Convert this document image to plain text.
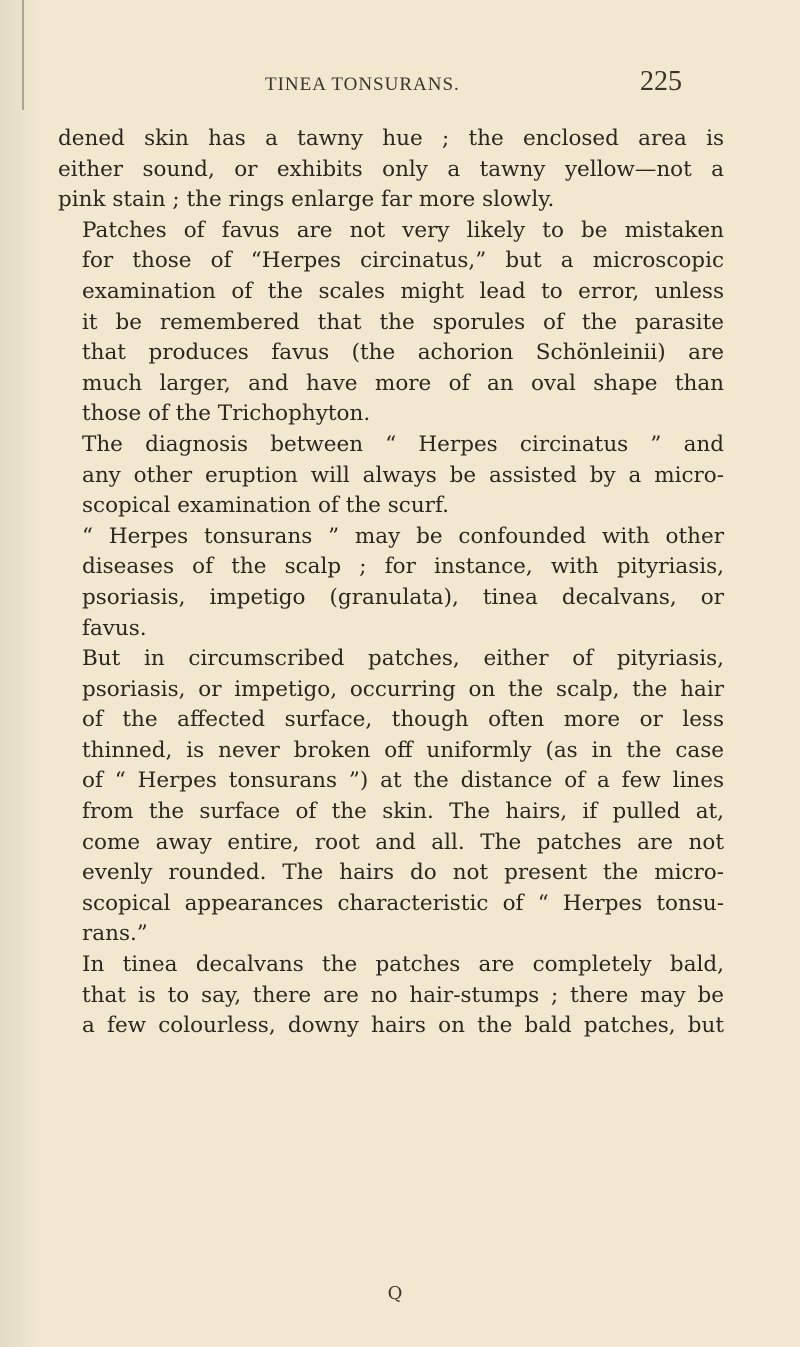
TINEA TONSURANS.	225

dened skin has a tawny hue ; the enclosed area is
either sound, or exhibits only a tawny yellow—not a
pink stain ; the rings enlarge far more slowly.

Patches of favus are not very likely to be mistaken
for those of “Herpes circinatus,” but a microscopic
examination of the scales might lead to error, unless
it be remembered that the sporules of the parasite
that produces favus (the achorion Schönleinii) are
much larger, and have more of an oval shape than
those of the Trichophyton.

The diagnosis between “ Herpes circinatus ” and
any other eruption will always be assisted by a micro-
scopical examination of the scurf.

“ Herpes tonsurans ” may be confounded with other
diseases of the scalp ; for instance, with pityriasis,
psoriasis, impetigo (granulata), tinea decalvans, or
favus.

But in circumscribed patches, either of pityriasis,
psoriasis, or impetigo, occurring on the scalp, the hair
of the affected surface, though often more or less
thinned, is never broken off uniformly (as in the case
of “ Herpes tonsurans ”) at the distance of a few lines
from the surface of the skin. The hairs, if pulled at,
come away entire, root and all. The patches are not
evenly rounded. The hairs do not present the micro-
scopical appearances characteristic of “ Herpes tonsu-
rans.”

In tinea decalvans the patches are completely bald,
that is to say, there are no hair-stumps ; there may be
a few colourless, downy hairs on the bald patches, but

Q
